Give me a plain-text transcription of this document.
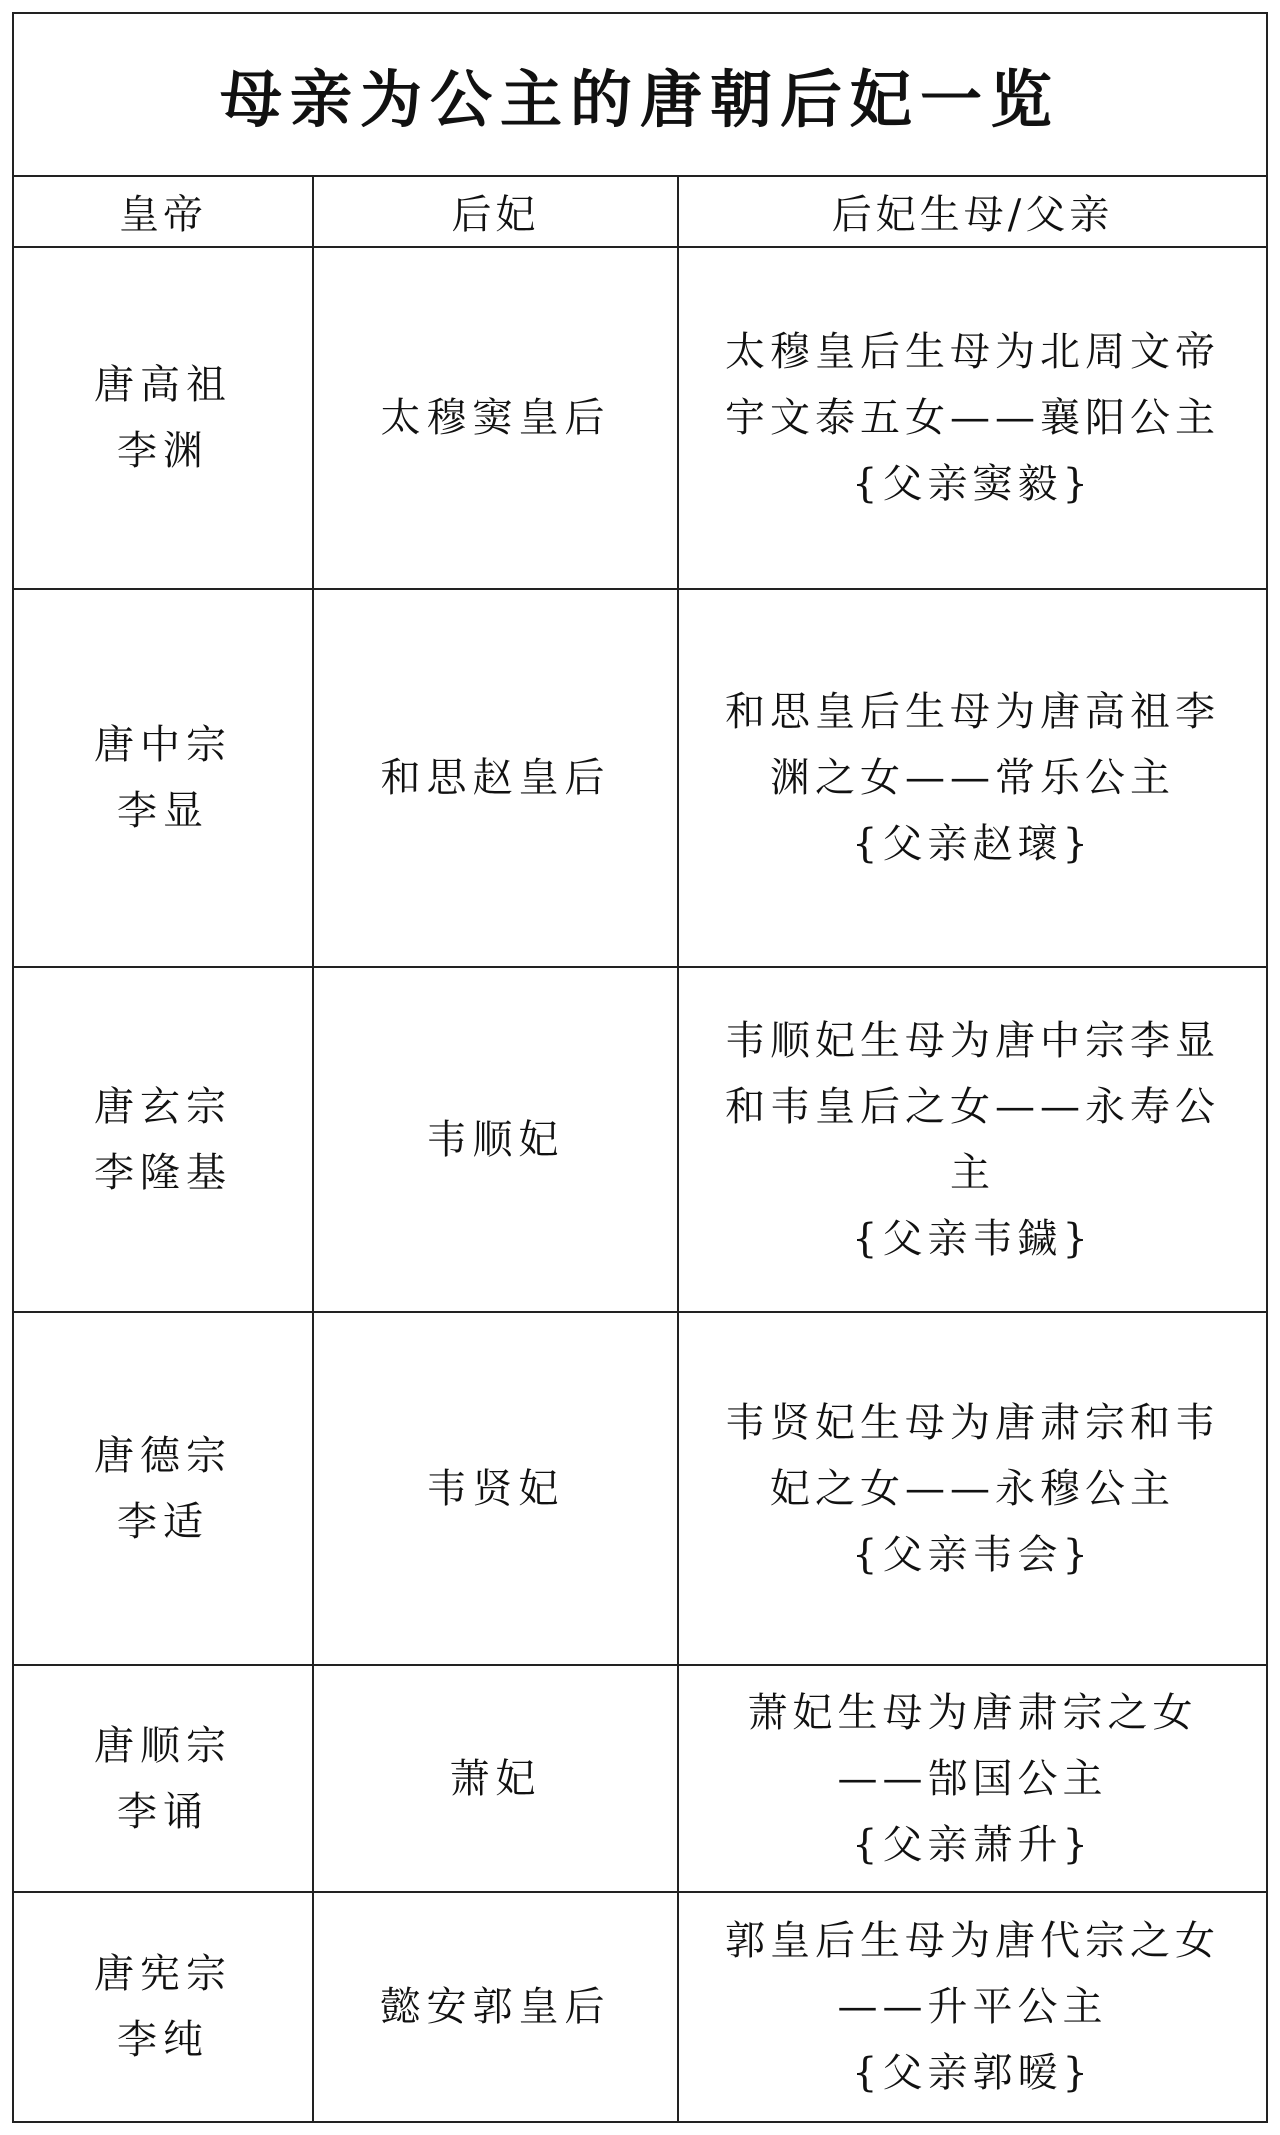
母亲为公主的唐朝后妃一览
皇帝	后妃	后妃生母/父亲

唐高祖
李渊	太穆窦皇后	太穆皇后生母为北周文帝
宇文泰五女——襄阳公主
{父亲窦毅}

唐中宗
李显	和思赵皇后	和思皇后生母为唐高祖李
渊之女——常乐公主
{父亲赵瓌}

唐玄宗
李隆基	韦顺妃	韦顺妃生母为唐中宗李显
和韦皇后之女——永寿公
主
{父亲韦鐬}

唐德宗
李适	韦贤妃	韦贤妃生母为唐肃宗和韦
妃之女——永穆公主
{父亲韦会}

唐顺宗
李诵	萧妃	萧妃生母为唐肃宗之女
——郜国公主
{父亲萧升}

唐宪宗
李纯	懿安郭皇后	郭皇后生母为唐代宗之女
——升平公主
{父亲郭暧}
